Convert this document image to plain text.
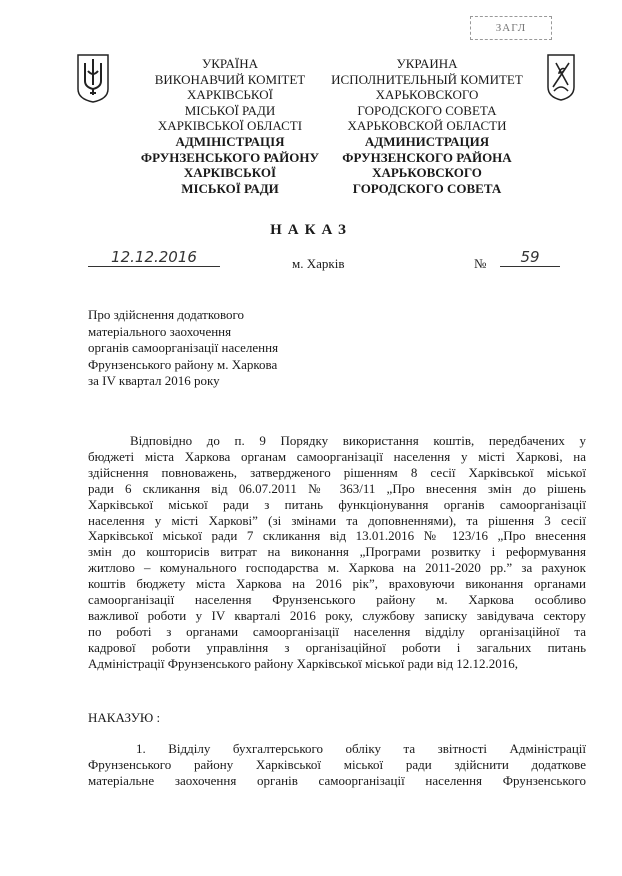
ЗАГЛ
УКРАЇНА
ВИКОНАВЧИЙ КОМІТЕТ
ХАРКІВСЬКОЇ
МІСЬКОЇ РАДИ
ХАРКІВСЬКОЇ ОБЛАСТІ
АДМІНІСТРАЦІЯ
ФРУНЗЕНСЬКОГО РАЙОНУ
ХАРКІВСЬКОЇ
МІСЬКОЇ РАДИ
УКРАИНА
ИСПОЛНИТЕЛЬНЫЙ КОМИТЕТ
ХАРЬКОВСКОГО
ГОРОДСКОГО СОВЕТА
ХАРЬКОВСКОЙ ОБЛАСТИ
АДМИНИСТРАЦИЯ
ФРУНЗЕНСКОГО РАЙОНА
ХАРЬКОВСКОГО
ГОРОДСКОГО СОВЕТА
НАКАЗ
12.12.2016	м. Харків	№	59
Про здійснення додаткового
матеріального заохочення
органів самоорганізації населення
Фрунзенського району м. Харкова
за IV квартал 2016 року
Відповідно до п. 9 Порядку використання коштів, передбачених у
бюджеті міста Харкова органам самоорганізації населення у місті Харкові, на
здійснення повноважень, затвердженого рішенням 8 сесії Харківської міської
ради 6 скликання від 06.07.2011 № 363/11 „Про внесення змін до рішень
Харківської міської ради з питань функціонування органів самоорганізації
населення у місті Харкові” (зі змінами та доповненнями), та рішення 3 сесії
Харківської міської ради 7 скликання від 13.01.2016 № 123/16 „Про внесення
змін до кошторисів витрат на виконання „Програми розвитку і реформування
житлово – комунального господарства м. Харкова на 2011-2020 рр.” за рахунок
коштів бюджету міста Харкова на 2016 рік”, враховуючи виконання органами
самоорганізації населення Фрунзенського району м. Харкова особливо
важливої роботи у IV кварталі 2016 року, службову записку завідувача сектору
по роботі з органами самоорганізації населення відділу організаційної та
кадрової роботи управління з організаційної роботи і загальних питань
Адміністрації Фрунзенського району Харківської міської ради від 12.12.2016,
НАКАЗУЮ :
1. Відділу бухгалтерського обліку та звітності Адміністрації
Фрунзенського району Харківської міської ради здійснити додаткове
матеріальне заохочення органів самоорганізації населення Фрунзенського
